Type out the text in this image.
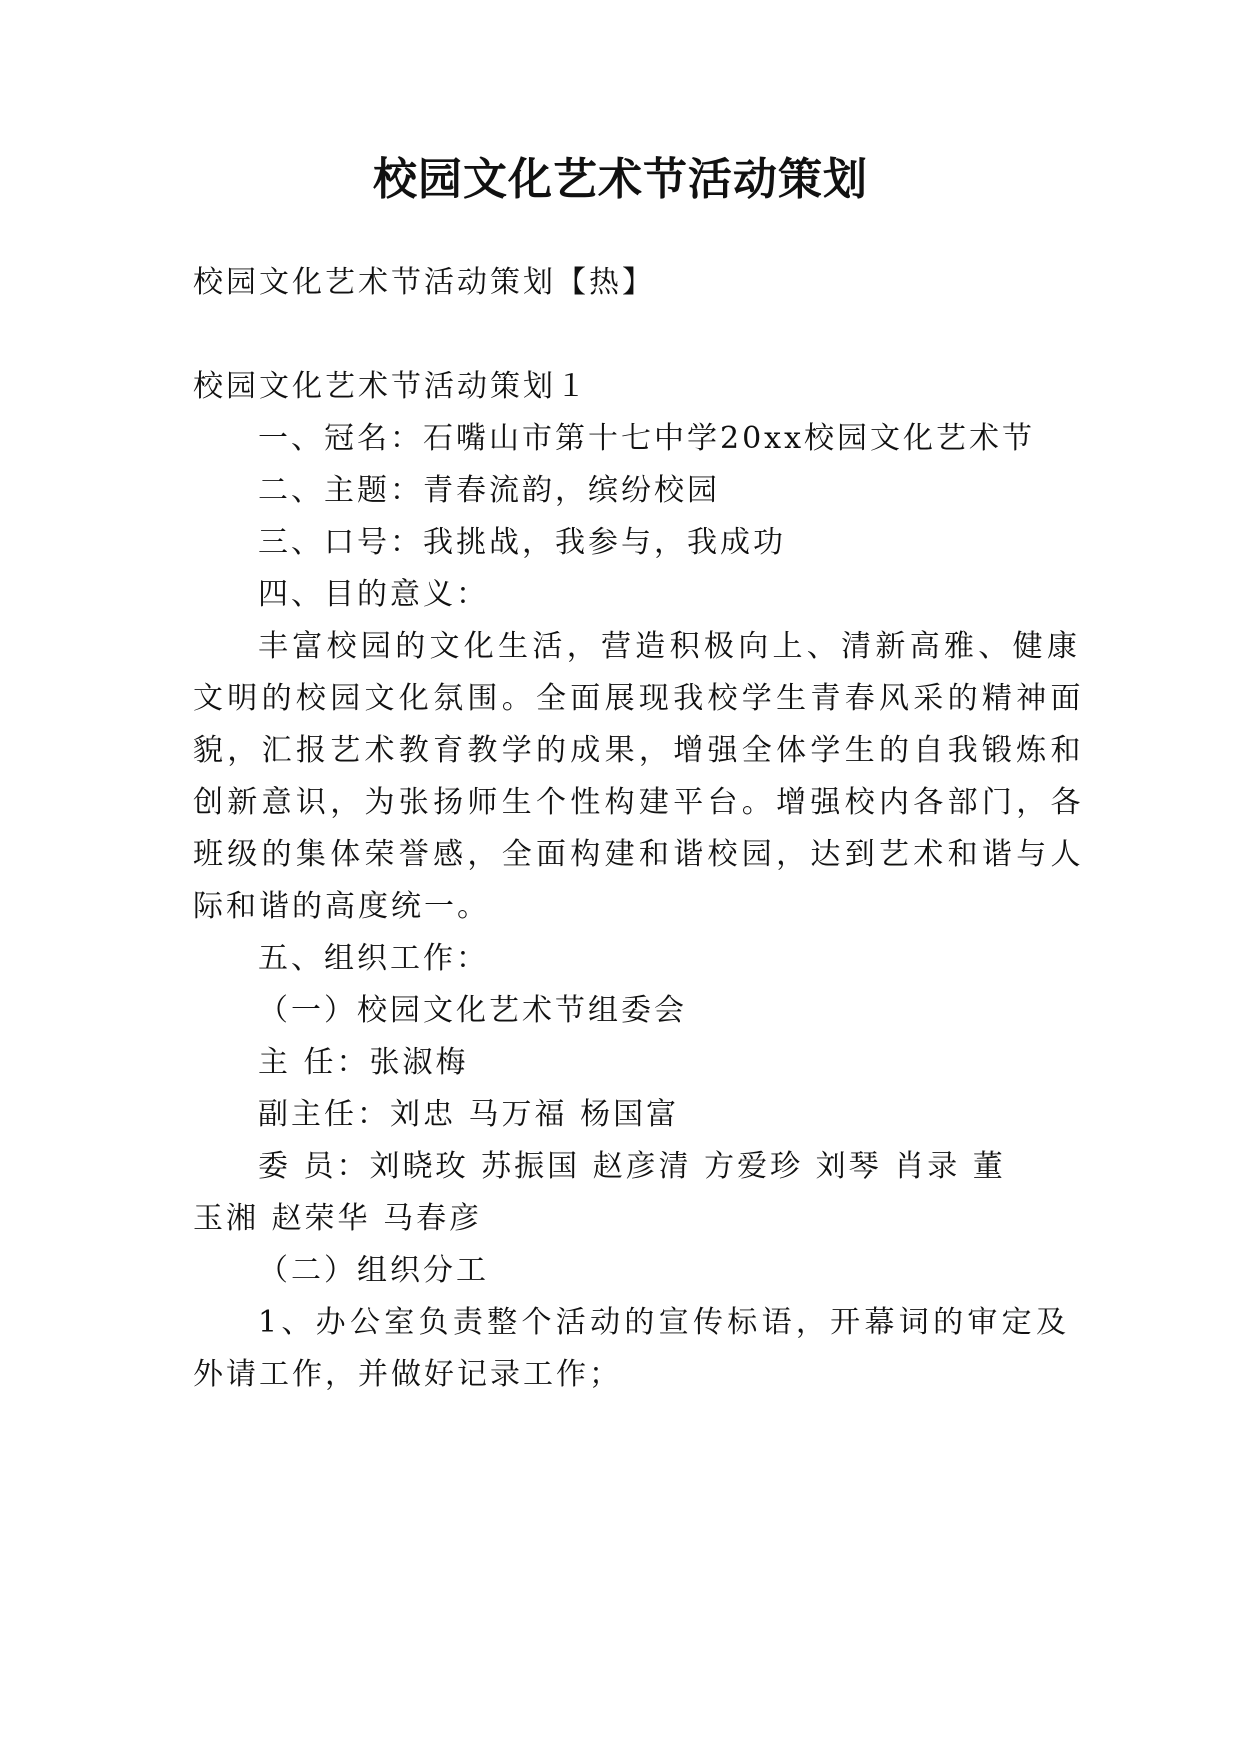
校园文化艺术节活动策划
校园文化艺术节活动策划【热】
校园文化艺术节活动策划１
一、冠名：石嘴山市第十七中学20xx校园文化艺术节
二、主题：青春流韵，缤纷校园
三、口号：我挑战，我参与，我成功
四、目的意义：
丰富校园的文化生活，营造积极向上、清新高雅、健康
文明的校园文化氛围。全面展现我校学生青春风采的精神面
貌，汇报艺术教育教学的成果，增强全体学生的自我锻炼和
创新意识，为张扬师生个性构建平台。增强校内各部门，各
班级的集体荣誉感，全面构建和谐校园，达到艺术和谐与人
际和谐的高度统一。
五、组织工作：
（一）校园文化艺术节组委会
主 任：张淑梅
副主任：刘忠 马万福 杨国富
委 员：刘晓玫 苏振国 赵彦清 方爱珍 刘琴 肖录 董
玉湘 赵荣华 马春彦
（二）组织分工
1、办公室负责整个活动的宣传标语，开幕词的审定及
外请工作，并做好记录工作；
